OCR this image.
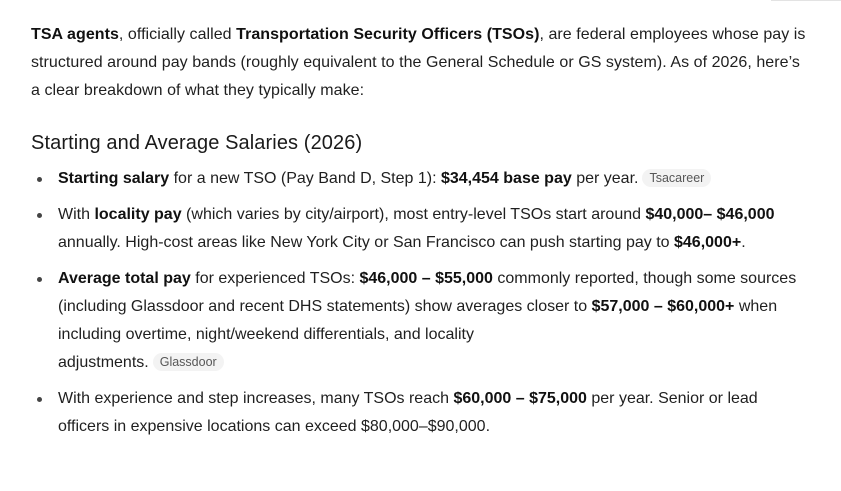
TSA agents, officially called Transportation Security Officers (TSOs), are federal employees whose pay is structured around pay bands (roughly equivalent to the General Schedule or GS system). As of 2026, here’s a clear breakdown of what they typically make:

Starting and Average Salaries (2026)
Starting salary for a new TSO (Pay Band D, Step 1): $34,454 base pay per year. Tsacareer
With locality pay (which varies by city/airport), most entry-level TSOs start around $40,000– $46,000 annually. High-cost areas like New York City or San Francisco can push starting pay to $46,000+.
Average total pay for experienced TSOs: $46,000 – $55,000 commonly reported, though some sources (including Glassdoor and recent DHS statements) show averages closer to $57,000 – $60,000+ when including overtime, night/weekend differentials, and locality
adjustments. Glassdoor
With experience and step increases, many TSOs reach $60,000 – $75,000 per year. Senior or lead officers in expensive locations can exceed $80,000–$90,000.
